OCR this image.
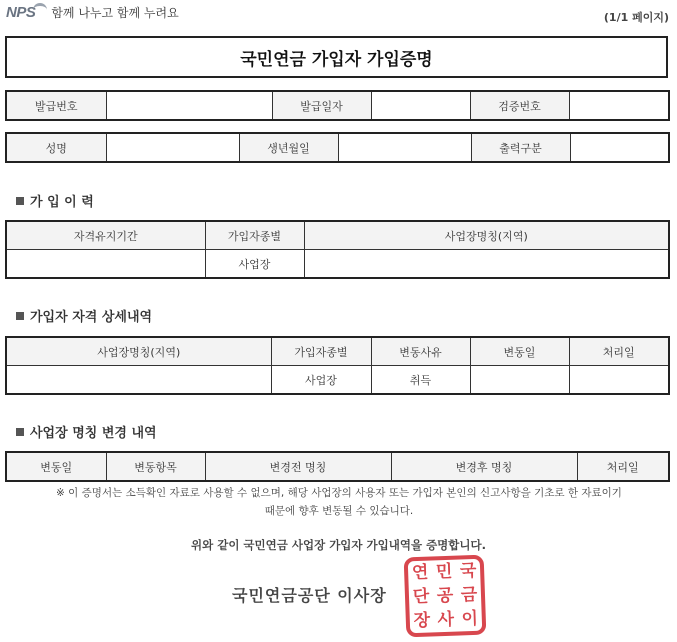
NPS 함께 나누고 함께 누려요	(1/1 페이지)
국민연금 가입자 가입증명
발급번호		발급일자		검증번호	
성명		생년월일		출력구분	
가 입 이 력
자격유지기간	가입자종별	사업장명칭(지역)
	사업장	
가입자 자격 상세내역
사업장명칭(지역)	가입자종별	변동사유	변동일	처리일
	사업장	취득		
사업장 명칭 변경 내역
변동일	변동항목	변경전 명칭	변경후 명칭	처리일
※ 이 증명서는 소득확인 자료로 사용할 수 없으며, 해당 사업장의 사용자 또는 가입자 본인의 신고사항을 기초로 한 자료이기
때문에 향후 변동될 수 있습니다.
위와 같이 국민연금 사업장 가입자 가입내역을 증명합니다.
국민연금공단 이사장
연 민 국
단 공 금
장 사 이
